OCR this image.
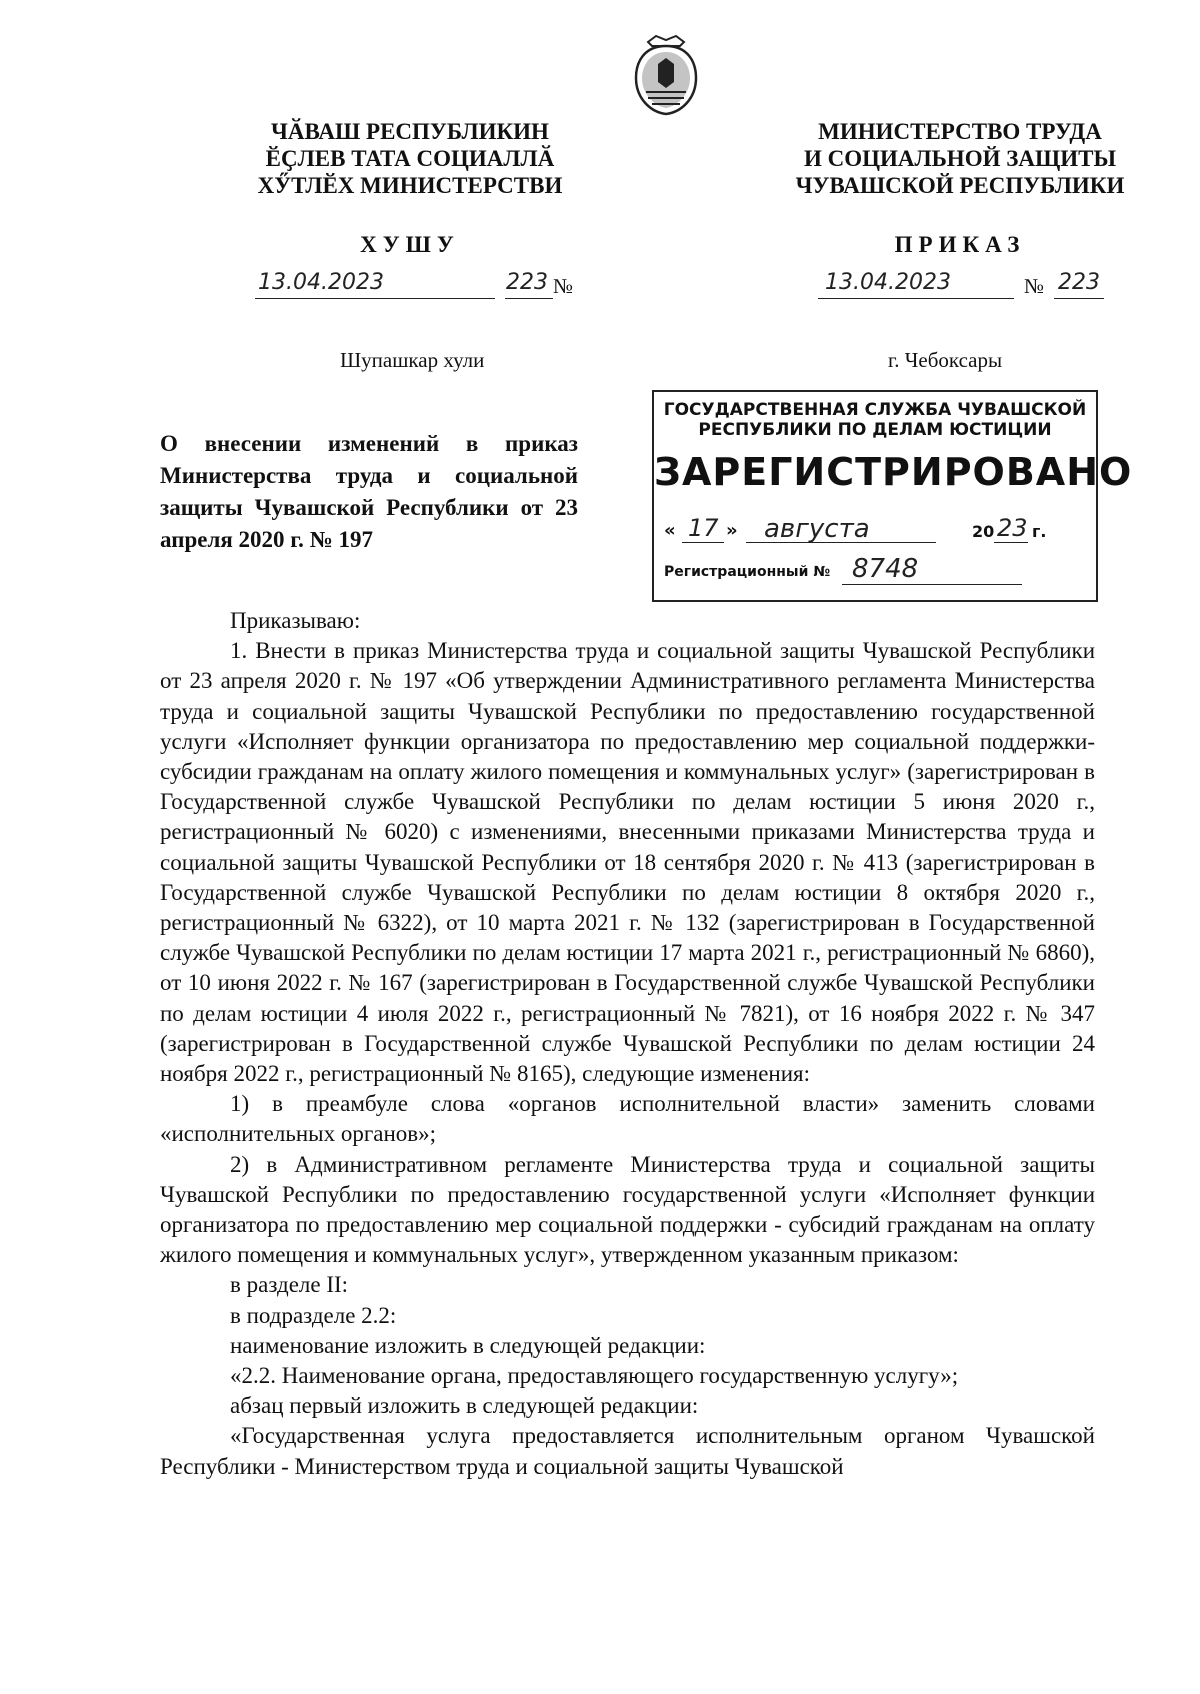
ЧӐВАШ РЕСПУБЛИКИН
ӖҪЛЕВ ТАТА СОЦИАЛЛӐ
ХӲТЛӖХ МИНИСТЕРСТВИ
МИНИСТЕРСТВО ТРУДА
И СОЦИАЛЬНОЙ ЗАЩИТЫ
ЧУВАШСКОЙ РЕСПУБЛИКИ
ХУШУ	ПРИКАЗ
13.04.2023	223 №	13.04.2023	№ 223
Шупашкар хули	г. Чебоксары
О внесении изменений в приказ Министерства труда и социальной защиты Чувашской Республики от 23 апреля 2020 г. № 197
ГОСУДАРСТВЕННАЯ СЛУЖБА ЧУВАШСКОЙ
РЕСПУБЛИКИ ПО ДЕЛАМ ЮСТИЦИИ
ЗАРЕГИСТРИРОВАНО
« 17 » августа	20 23 г.
Регистрационный № 8748

Приказываю:

1. Внести в приказ Министерства труда и социальной защиты Чувашской Республики от 23 апреля 2020 г. № 197 «Об утверждении Административного регламента Министерства труда и социальной защиты Чувашской Республики по предоставлению государственной услуги «Исполняет функции организатора по предоставлению мер социальной поддержки-субсидии гражданам на оплату жилого помещения и коммунальных услуг» (зарегистрирован в Государственной службе Чувашской Республики по делам юстиции 5 июня 2020 г., регистрационный № 6020) с изменениями, внесенными приказами Министерства труда и социальной защиты Чувашской Республики от 18 сентября 2020 г. № 413 (зарегистрирован в Государственной службе Чувашской Республики по делам юстиции 8 октября 2020 г., регистрационный № 6322), от 10 марта 2021 г. № 132 (зарегистрирован в Государственной службе Чувашской Республики по делам юстиции 17 марта 2021 г., регистрационный № 6860), от 10 июня 2022 г. № 167 (зарегистрирован в Государственной службе Чувашской Республики по делам юстиции 4 июля 2022 г., регистрационный № 7821), от 16 ноября 2022 г. № 347 (зарегистрирован в Государственной службе Чувашской Республики по делам юстиции 24 ноября 2022 г., регистрационный № 8165), следующие изменения:

1) в преамбуле слова «органов исполнительной власти» заменить словами «исполнительных органов»;

2) в Административном регламенте Министерства труда и социальной защиты Чувашской Республики по предоставлению государственной услуги «Исполняет функции организатора по предоставлению мер социальной поддержки - субсидий гражданам на оплату жилого помещения и коммунальных услуг», утвержденном указанным приказом:

в разделе II:

в подразделе 2.2:

наименование изложить в следующей редакции:

«2.2. Наименование органа, предоставляющего государственную услугу»;

абзац первый изложить в следующей редакции:

«Государственная услуга предоставляется исполнительным органом Чувашской Республики - Министерством труда и социальной защиты Чувашской
